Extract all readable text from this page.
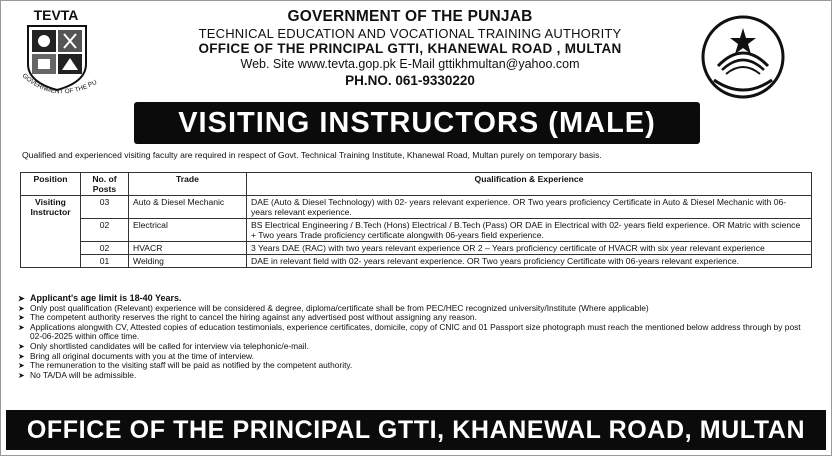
TEVTA
GOVERNMENT OF THE PU
GOVERNMENT OF THE PUNJAB
TECHNICAL EDUCATION AND VOCATIONAL TRAINING AUTHORITY
OFFICE OF THE PRINCIPAL GTTI, KHANEWAL ROAD , MULTAN
Web. Site www.tevta.gop.pk E-Mail gttikhmultan@yahoo.com
PH.NO. 061-9330220
VISITING INSTRUCTORS (MALE)
Qualified and experienced visiting faculty are required in respect of Govt. Technical Training Institute, Khanewal Road, Multan purely on temporary basis.
Position	No. of Posts	Trade	Qualification & Experience
Visiting Instructor	03	Auto & Diesel Mechanic	DAE (Auto & Diesel Technology) with 02- years relevant experience. OR Two years proficiency Certificate in Auto & Diesel Mechanic with 06-years relevant experience.
	02	Electrical	BS Electrical Engineering / B.Tech (Hons) Electrical / B.Tech (Pass) OR DAE in Electrical with 02- years field experience. OR Matric with science + Two years Trade proficiency certificate alongwith 06-years field experience.
	02	HVACR	3 Years DAE (RAC) with two years relevant experience OR 2 – Years proficiency certificate of HVACR with six year relevant experience
	01	Welding	DAE in relevant field with 02- years relevant experience. OR Two years proficiency Certificate with 06-years relevant experience.
➤ Applicant's age limit is 18-40 Years.
➤ Only post qualification (Relevant) experience will be considered & degree, diploma/certificate shall be from PEC/HEC recognized university/Institute (Where applicable)
➤ The competent authority reserves the right to cancel the hiring against any advertised post without assigning any reason.
➤ Applications alongwith CV, Attested copies of education testimonials, experience certificates, domicile, copy of CNIC and 01 Passport size photograph must reach the mentioned below address through by post 02-06-2025 within office time.
➤ Only shortlisted candidates will be called for interview via telephonic/e-mail.
➤ Bring all original documents with you at the time of interview.
➤ The remuneration to the visiting staff will be paid as notified by the competent authority.
➤ No TA/DA will be admissible.
OFFICE OF THE PRINCIPAL GTTI, KHANEWAL ROAD, MULTAN
